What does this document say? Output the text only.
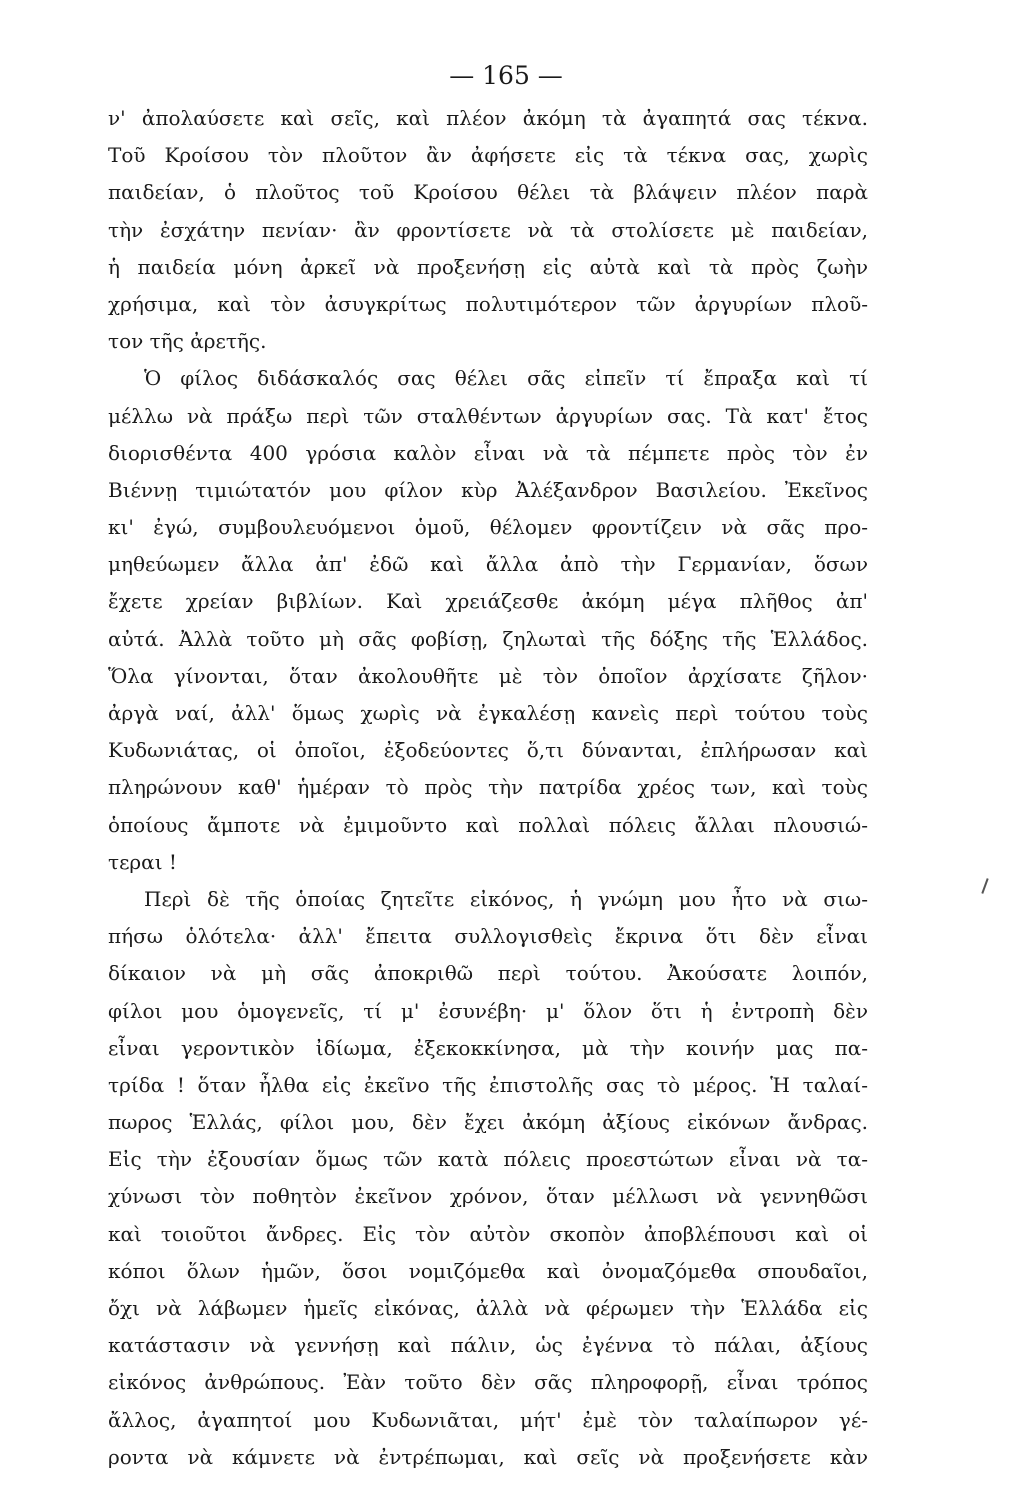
— 165 —
ν' ἀπολαύσετε καὶ σεῖς, καὶ πλέον ἀκόμη τὰ ἀγαπητά σας τέκνα.
Τοῦ Κροίσου τὸν πλοῦτον ἂν ἀφήσετε εἰς τὰ τέκνα σας, χωρὶς
παιδείαν, ὁ πλοῦτος τοῦ Κροίσου θέλει τὰ βλάψειν πλέον παρὰ
τὴν ἐσχάτην πενίαν· ἂν φροντίσετε νὰ τὰ στολίσετε μὲ παιδείαν,
ἡ παιδεία μόνη ἀρκεῖ νὰ προξενήσῃ εἰς αὐτὰ καὶ τὰ πρὸς ζωὴν
χρήσιμα, καὶ τὸν ἀσυγκρίτως πολυτιμότερον τῶν ἀργυρίων πλοῦ-
τον τῆς ἀρετῆς.
Ὁ φίλος διδάσκαλός σας θέλει σᾶς εἰπεῖν τί ἔπραξα καὶ τί
μέλλω νὰ πράξω περὶ τῶν σταλθέντων ἀργυρίων σας. Τὰ κατ' ἔτος
διορισθέντα 400 γρόσια καλὸν εἶναι νὰ τὰ πέμπετε πρὸς τὸν ἐν
Βιέννῃ τιμιώτατόν μου φίλον κὺρ Ἀλέξανδρον Βασιλείου. Ἐκεῖνος
κι' ἐγώ, συμβουλευόμενοι ὁμοῦ, θέλομεν φροντίζειν νὰ σᾶς προ-
μηθεύωμεν ἄλλα ἀπ' ἐδῶ καὶ ἄλλα ἀπὸ τὴν Γερμανίαν, ὅσων
ἔχετε χρείαν βιβλίων. Καὶ χρειάζεσθε ἀκόμη μέγα πλῆθος ἀπ'
αὐτά. Ἀλλὰ τοῦτο μὴ σᾶς φοβίσῃ, ζηλωταὶ τῆς δόξης τῆς Ἑλλάδος.
Ὅλα γίνονται, ὅταν ἀκολουθῆτε μὲ τὸν ὁποῖον ἀρχίσατε ζῆλον·
ἀργὰ ναί, ἀλλ' ὅμως χωρὶς νὰ ἐγκαλέσῃ κανεὶς περὶ τούτου τοὺς
Κυδωνιάτας, οἱ ὁποῖοι, ἐξοδεύοντες ὅ,τι δύνανται, ἐπλήρωσαν καὶ
πληρώνουν καθ' ἡμέραν τὸ πρὸς τὴν πατρίδα χρέος των, καὶ τοὺς
ὁποίους ἄμποτε νὰ ἐμιμοῦντο καὶ πολλαὶ πόλεις ἄλλαι πλουσιώ-
τεραι !
Περὶ δὲ τῆς ὁποίας ζητεῖτε εἰκόνος, ἡ γνώμη μου ἦτο νὰ σιω-
πήσω ὁλότελα· ἀλλ' ἔπειτα συλλογισθεὶς ἔκρινα ὅτι δὲν εἶναι
δίκαιον νὰ μὴ σᾶς ἀποκριθῶ περὶ τούτου. Ἀκούσατε λοιπόν,
φίλοι μου ὁμογενεῖς, τί μ' ἐσυνέβη· μ' ὅλον ὅτι ἡ ἐντροπὴ δὲν
εἶναι γεροντικὸν ἰδίωμα, ἐξεκοκκίνησα, μὰ τὴν κοινήν μας πα-
τρίδα ! ὅταν ἦλθα εἰς ἐκεῖνο τῆς ἐπιστολῆς σας τὸ μέρος. Ἡ ταλαί-
πωρος Ἑλλάς, φίλοι μου, δὲν ἔχει ἀκόμη ἀξίους εἰκόνων ἄνδρας.
Εἰς τὴν ἐξουσίαν ὅμως τῶν κατὰ πόλεις προεστώτων εἶναι νὰ τα-
χύνωσι τὸν ποθητὸν ἐκεῖνον χρόνον, ὅταν μέλλωσι νὰ γεννηθῶσι
καὶ τοιοῦτοι ἄνδρες. Εἰς τὸν αὐτὸν σκοπὸν ἀποβλέπουσι καὶ οἱ
κόποι ὅλων ἡμῶν, ὅσοι νομιζόμεθα καὶ ὀνομαζόμεθα σπουδαῖοι,
ὄχι νὰ λάβωμεν ἡμεῖς εἰκόνας, ἀλλὰ νὰ φέρωμεν τὴν Ἑλλάδα εἰς
κατάστασιν νὰ γεννήσῃ καὶ πάλιν, ὡς ἐγέννα τὸ πάλαι, ἀξίους
εἰκόνος ἀνθρώπους. Ἐὰν τοῦτο δὲν σᾶς πληροφορῇ, εἶναι τρόπος
ἄλλος, ἀγαπητοί μου Κυδωνιᾶται, μήτ' ἐμὲ τὸν ταλαίπωρον γέ-
ροντα νὰ κάμνετε νὰ ἐντρέπωμαι, καὶ σεῖς νὰ προξενήσετε κὰν
